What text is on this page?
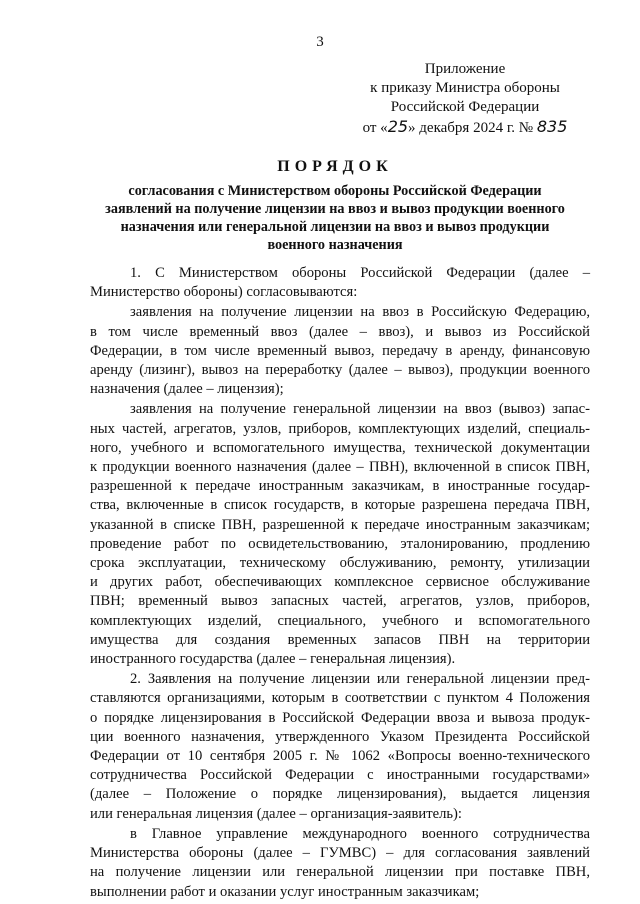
3
Приложение
к приказу Министра обороны
Российской Федерации
от «25» декабря 2024 г. № 835
ПОРЯДОК
согласования с Министерством обороны Российской Федерации
заявлений на получение лицензии на ввоз и вывоз продукции военного
назначения или генеральной лицензии на ввоз и вывоз продукции
военного назначения
1. С Министерством обороны Российской Федерации (далее –
Министерство обороны) согласовываются:
заявления на получение лицензии на ввоз в Российскую Федерацию,
в том числе временный ввоз (далее – ввоз), и вывоз из Российской
Федерации, в том числе временный вывоз, передачу в аренду, финансовую
аренду (лизинг), вывоз на переработку (далее – вывоз), продукции военного
назначения (далее – лицензия);
заявления на получение генеральной лицензии на ввоз (вывоз) запас-
ных частей, агрегатов, узлов, приборов, комплектующих изделий, специаль-
ного, учебного и вспомогательного имущества, технической документации
к продукции военного назначения (далее – ПВН), включенной в список ПВН,
разрешенной к передаче иностранным заказчикам, в иностранные государ-
ства, включенные в список государств, в которые разрешена передача ПВН,
указанной в списке ПВН, разрешенной к передаче иностранным заказчикам;
проведение работ по освидетельствованию, эталонированию, продлению
срока эксплуатации, техническому обслуживанию, ремонту, утилизации
и других работ, обеспечивающих комплексное сервисное обслуживание
ПВН; временный вывоз запасных частей, агрегатов, узлов, приборов,
комплектующих изделий, специального, учебного и вспомогательного
имущества для создания временных запасов ПВН на территории
иностранного государства (далее – генеральная лицензия).
2. Заявления на получение лицензии или генеральной лицензии пред-
ставляются организациями, которым в соответствии с пунктом 4 Положения
о порядке лицензирования в Российской Федерации ввоза и вывоза продук-
ции военного назначения, утвержденного Указом Президента Российской
Федерации от 10 сентября 2005 г. № 1062 «Вопросы военно-технического
сотрудничества Российской Федерации с иностранными государствами»
(далее – Положение о порядке лицензирования), выдается лицензия
или генеральная лицензия (далее – организация-заявитель):
в Главное управление международного военного сотрудничества
Министерства обороны (далее – ГУМВС) – для согласования заявлений
на получение лицензии или генеральной лицензии при поставке ПВН,
выполнении работ и оказании услуг иностранным заказчикам;
